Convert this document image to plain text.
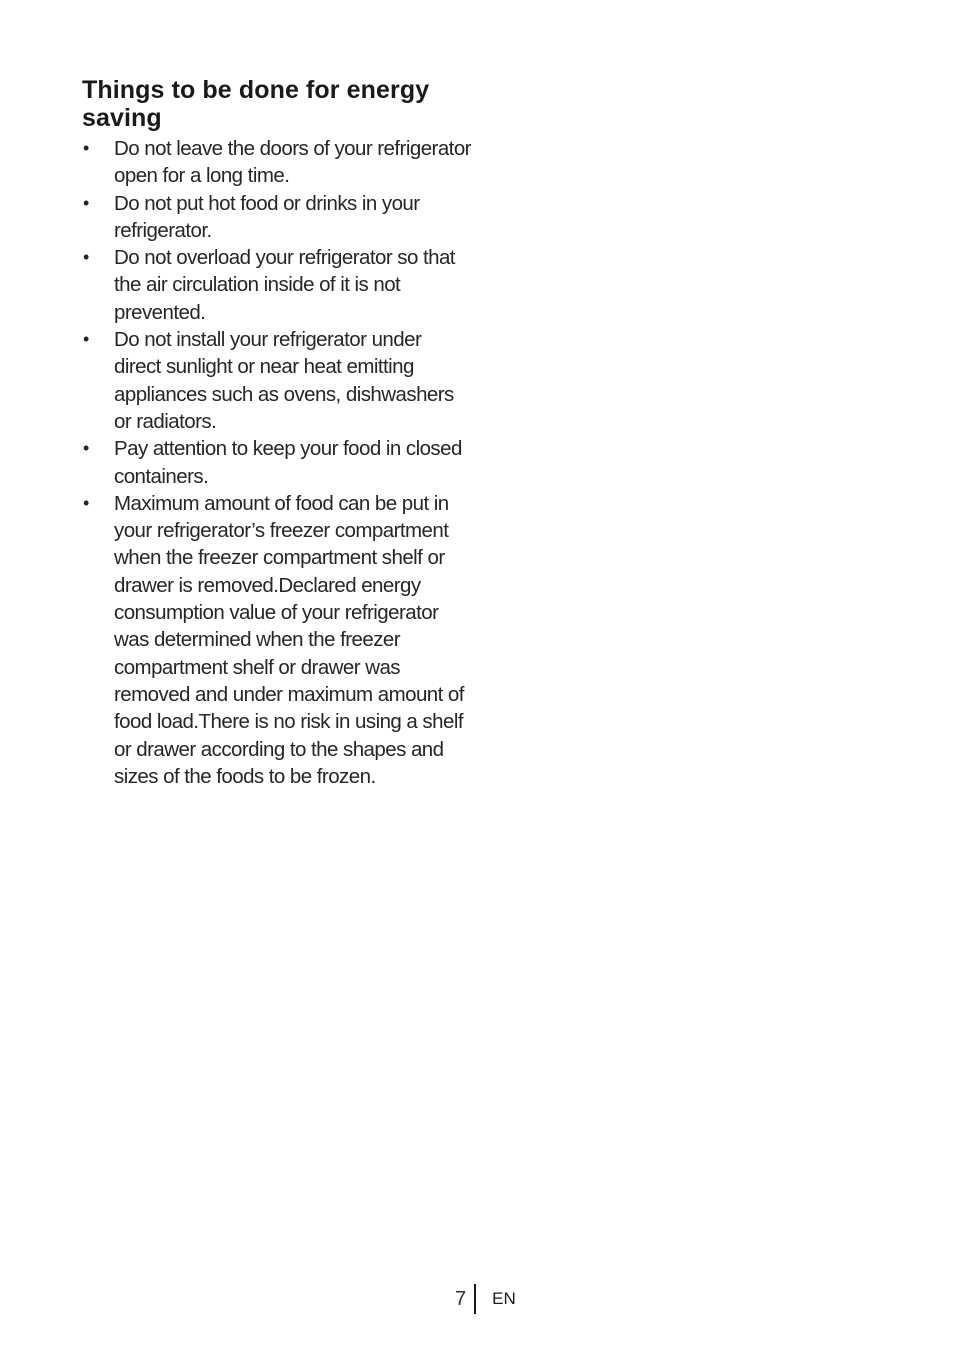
Things to be done for energy saving
• Do not leave the doors of your refrigerator open for a long time.
• Do not put hot food or drinks in your refrigerator.
• Do not overload your refrigerator so that the air circulation inside of it is not prevented.
• Do not install your refrigerator under direct sunlight or near heat emitting appliances such as ovens, dishwashers or radiators.
• Pay attention to keep your food in closed containers.
• Maximum amount of food can be put in your refrigerator’s freezer compartment when the freezer compartment shelf or drawer is removed.Declared energy consumption value of your refrigerator was determined when the freezer compartment shelf or drawer was removed and under maximum amount of food load.There is no risk in using a shelf or drawer according to the shapes and sizes of the foods to be frozen.
7 EN
